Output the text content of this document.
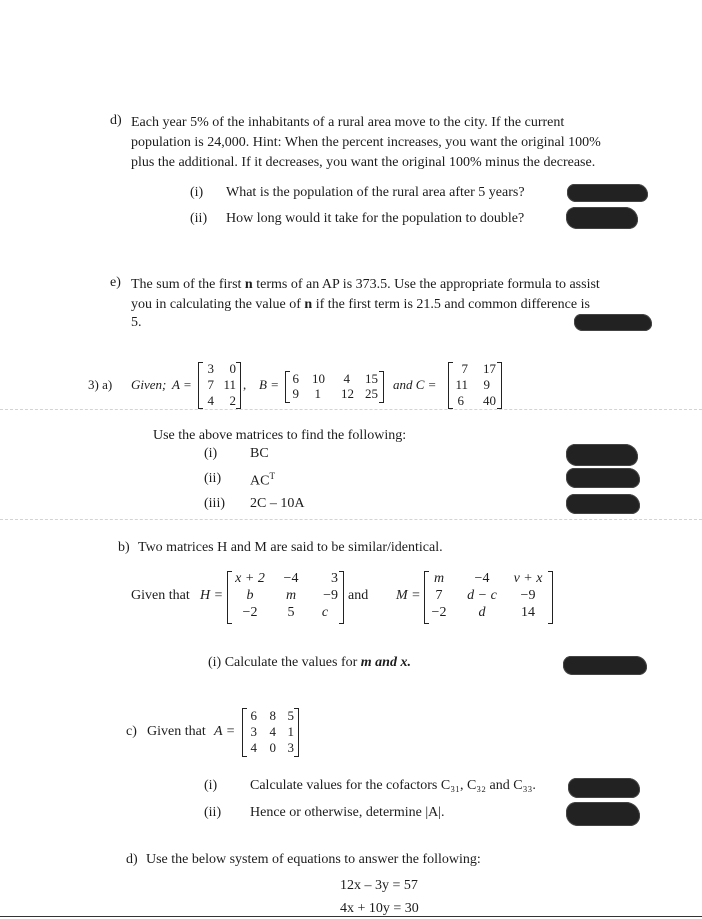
d) Each year 5% of the inhabitants of a rural area move to the city. If the current
population is 24,000. Hint: When the percent increases, you want the original 100%
plus the additional. If it decreases, you want the original 100% minus the decrease.
(i) What is the population of the rural area after 5 years?
(ii) How long would it take for the population to double?
e) The sum of the first n terms of an AP is 373.5. Use the appropriate formula to assist
you in calculating the value of n if the first term is 21.5 and common difference is
5.
3) a) Given; A =
3	0
7 11
4	2
, B = 6	10	4	15
9	1	12 25
and C =
7	17
11	9
6	40
Use the above matrices to find the following:
(i) BC
(ii) $AC^T$
(iii) 2C – 10A
b) Two matrices H and M are said to be similar/identical.
Given that H =
x + 2	−4	3
b	m	−9
−2	5	c
and M =
m	−4	v + x
7	d − c	−9
−2	d	14
(i) Calculate the values for m and x.
c) Given that A =
6 8 5
3 4 1
4 0 3
(i) Calculate values for the cofactors C₃₁, C₃₂ and C₃₃.
(ii) Hence or otherwise, determine |A|.
d) Use the below system of equations to answer the following:
12x – 3y = 57
4x + 10y = 30
